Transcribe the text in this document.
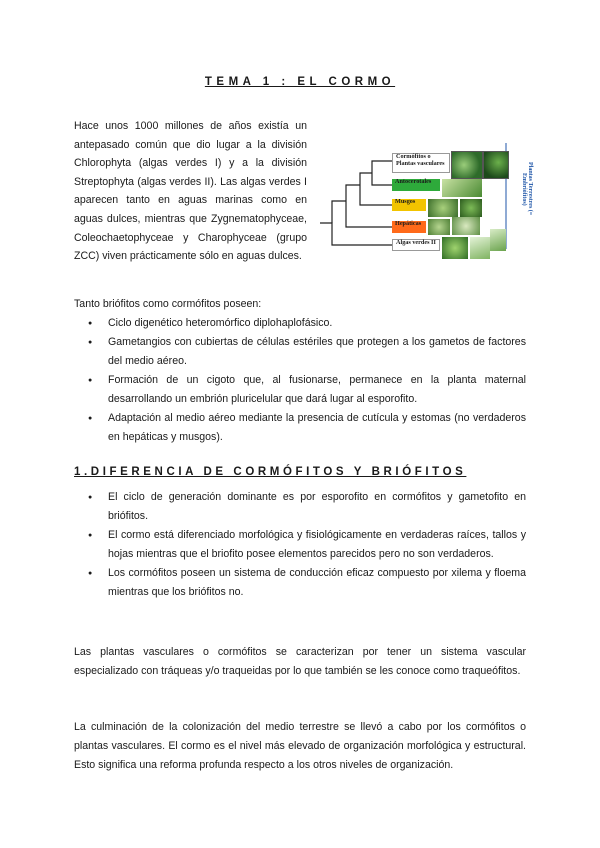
TEMA 1 : EL CORMO
Hace unos 1000 millones de años existía un antepasado común que dio lugar a la división Chlorophyta (algas verdes I) y a la división Streptophyta (algas verdes II). Las algas verdes I aparecen tanto en aguas marinas como en aguas dulces, mientras que Zygnematophyceae, Coleochaetophyceae y Charophyceae (grupo ZCC) viven prácticamente sólo en aguas dulces.
Cormófitos o Plantas vasculares
Antocerotales
Musgos
Hepáticas
Algas verdes II
Plantas Terrestres (= Embriófitos)

Tanto briófitos como cormófitos poseen:

● Ciclo digenético heteromórfico diplohaplofásico.
● Gametangios con cubiertas de células estériles que protegen a los gametos de factores del medio aéreo.
● Formación de un cigoto que, al fusionarse, permanece en la planta maternal desarrollando un embrión pluricelular que dará lugar al esporofito.
● Adaptación al medio aéreo mediante la presencia de cutícula y estomas (no verdaderos en hepáticas y musgos).
1.DIFERENCIA DE CORMÓFITOS Y BRIÓFITOS
● El ciclo de generación dominante es por esporofito en cormófitos y gametofito en briófitos.
● El cormo está diferenciado morfológica y fisiológicamente en verdaderas raíces, tallos y hojas mientras que el briofito posee elementos parecidos pero no son verdaderos.
● Los cormófitos poseen un sistema de conducción eficaz compuesto por xilema y floema mientras que los briófitos no.

Las plantas vasculares o cormófitos se caracterizan por tener un sistema vascular especializado con tráqueas y/o traqueidas por lo que también se les conoce como traqueófitos.

La culminación de la colonización del medio terrestre se llevó a cabo por los cormófitos o plantas vasculares. El cormo es el nivel más elevado de organización morfológica y estructural. Esto significa una reforma profunda respecto a los otros niveles de organización.
